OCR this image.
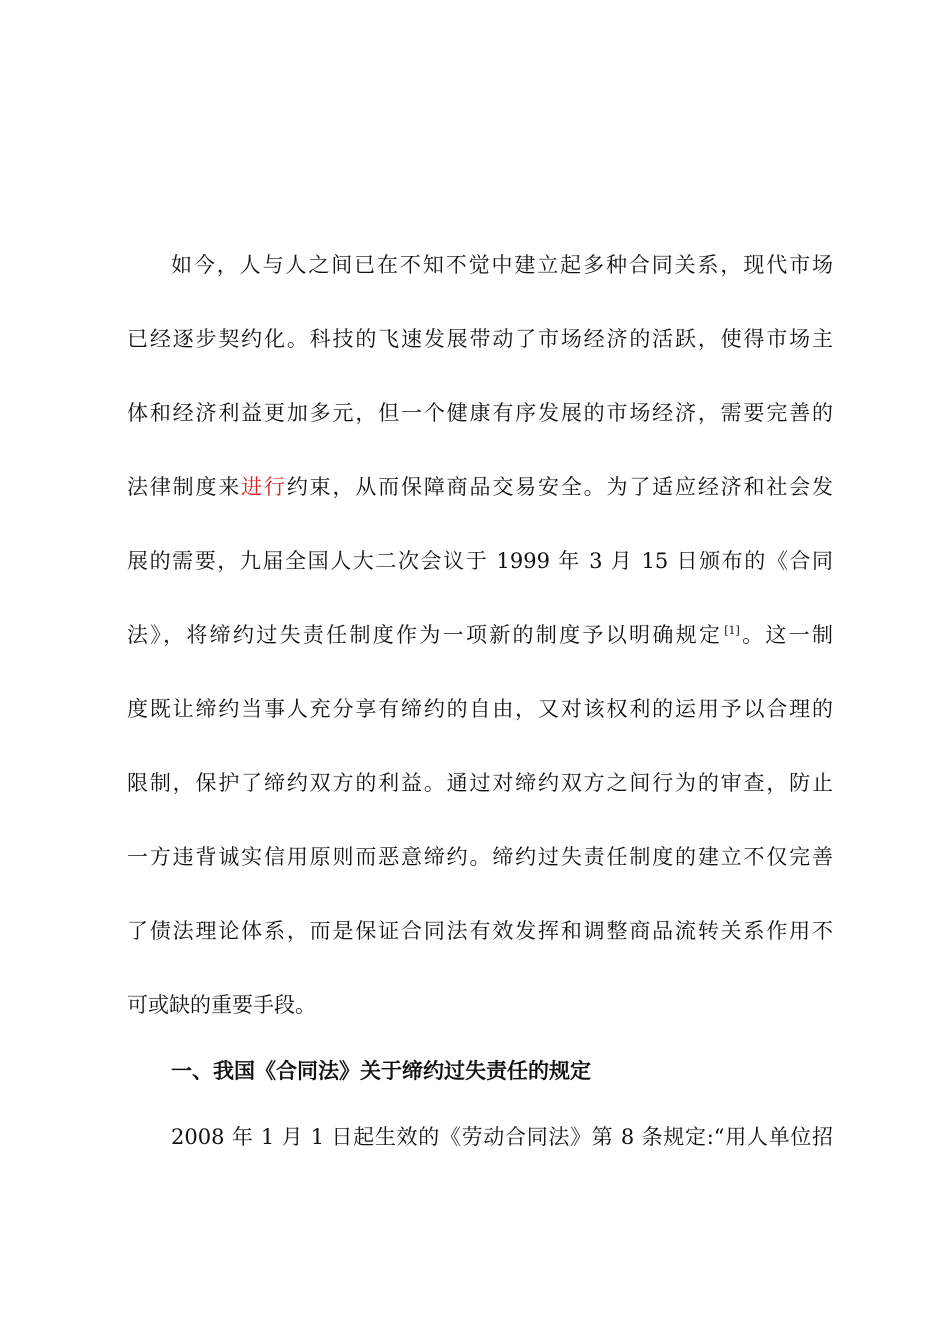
如今，人与人之间已在不知不觉中建立起多种合同关系，现代市场
已经逐步契约化。科技的飞速发展带动了市场经济的活跃，使得市场主
体和经济利益更加多元，但一个健康有序发展的市场经济，需要完善的
法律制度来进行约束，从而保障商品交易安全。为了适应经济和社会发
展的需要，九届全国人大二次会议于 1999 年 3 月 15 日颁布的《合同
法》，将缔约过失责任制度作为一项新的制度予以明确规定 [1]。这一制
度既让缔约当事人充分享有缔约的自由，又对该权利的运用予以合理的
限制，保护了缔约双方的利益。通过对缔约双方之间行为的审查，防止
一方违背诚实信用原则而恶意缔约。缔约过失责任制度的建立不仅完善
了债法理论体系，而是保证合同法有效发挥和调整商品流转关系作用不
可或缺的重要手段。
一、我国《合同法》关于缔约过失责任的规定
2008 年 1 月 1 日起生效的《劳动合同法》第 8 条规定:“用人单位招
